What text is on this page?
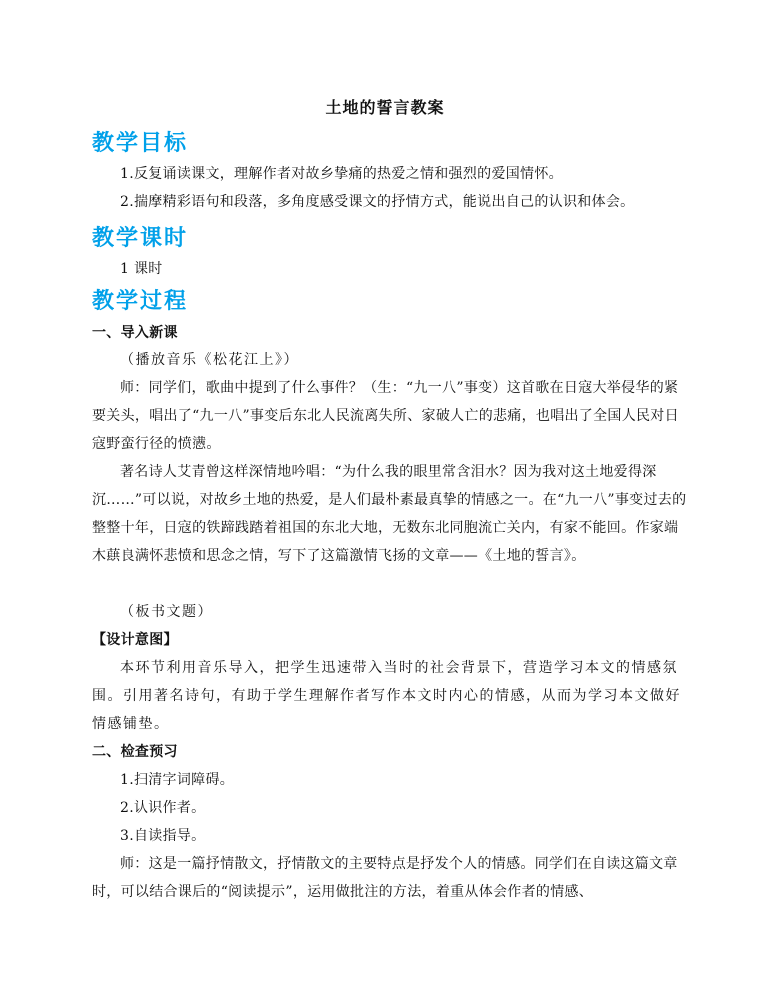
土地的誓言教案
教学目标
1.反复诵读课文，理解作者对故乡挚痛的热爱之情和强烈的爱国情怀。
2.揣摩精彩语句和段落，多角度感受课文的抒情方式，能说出自己的认识和体会。
教学课时
1 课时
教学过程
一、导入新课
（播放音乐《松花江上》）
师：同学们，歌曲中提到了什么事件？（生：“九一八”事变）这首歌在日寇大举侵华的紧要关头，唱出了“九一八”事变后东北人民流离失所、家破人亡的悲痛，也唱出了全国人民对日寇野蛮行径的愤懑。
著名诗人艾青曾这样深情地吟唱：“为什么我的眼里常含泪水？因为我对这土地爱得深沉……”可以说，对故乡土地的热爱，是人们最朴素最真挚的情感之一。在“九一八”事变过去的整整十年，日寇的铁蹄践踏着祖国的东北大地，无数东北同胞流亡关内，有家不能回。作家端木蕻良满怀悲愤和思念之情，写下了这篇激情飞扬的文章——《土地的誓言》。
（板书文题）
【设计意图】
本环节利用音乐导入，把学生迅速带入当时的社会背景下，营造学习本文的情感氛围。引用著名诗句，有助于学生理解作者写作本文时内心的情感，从而为学习本文做好情感铺垫。
二、检查预习
1.扫清字词障碍。
2.认识作者。
3.自读指导。
师：这是一篇抒情散文，抒情散文的主要特点是抒发个人的情感。同学们在自读这篇文章时，可以结合课后的“阅读提示”，运用做批注的方法，着重从体会作者的情感、
